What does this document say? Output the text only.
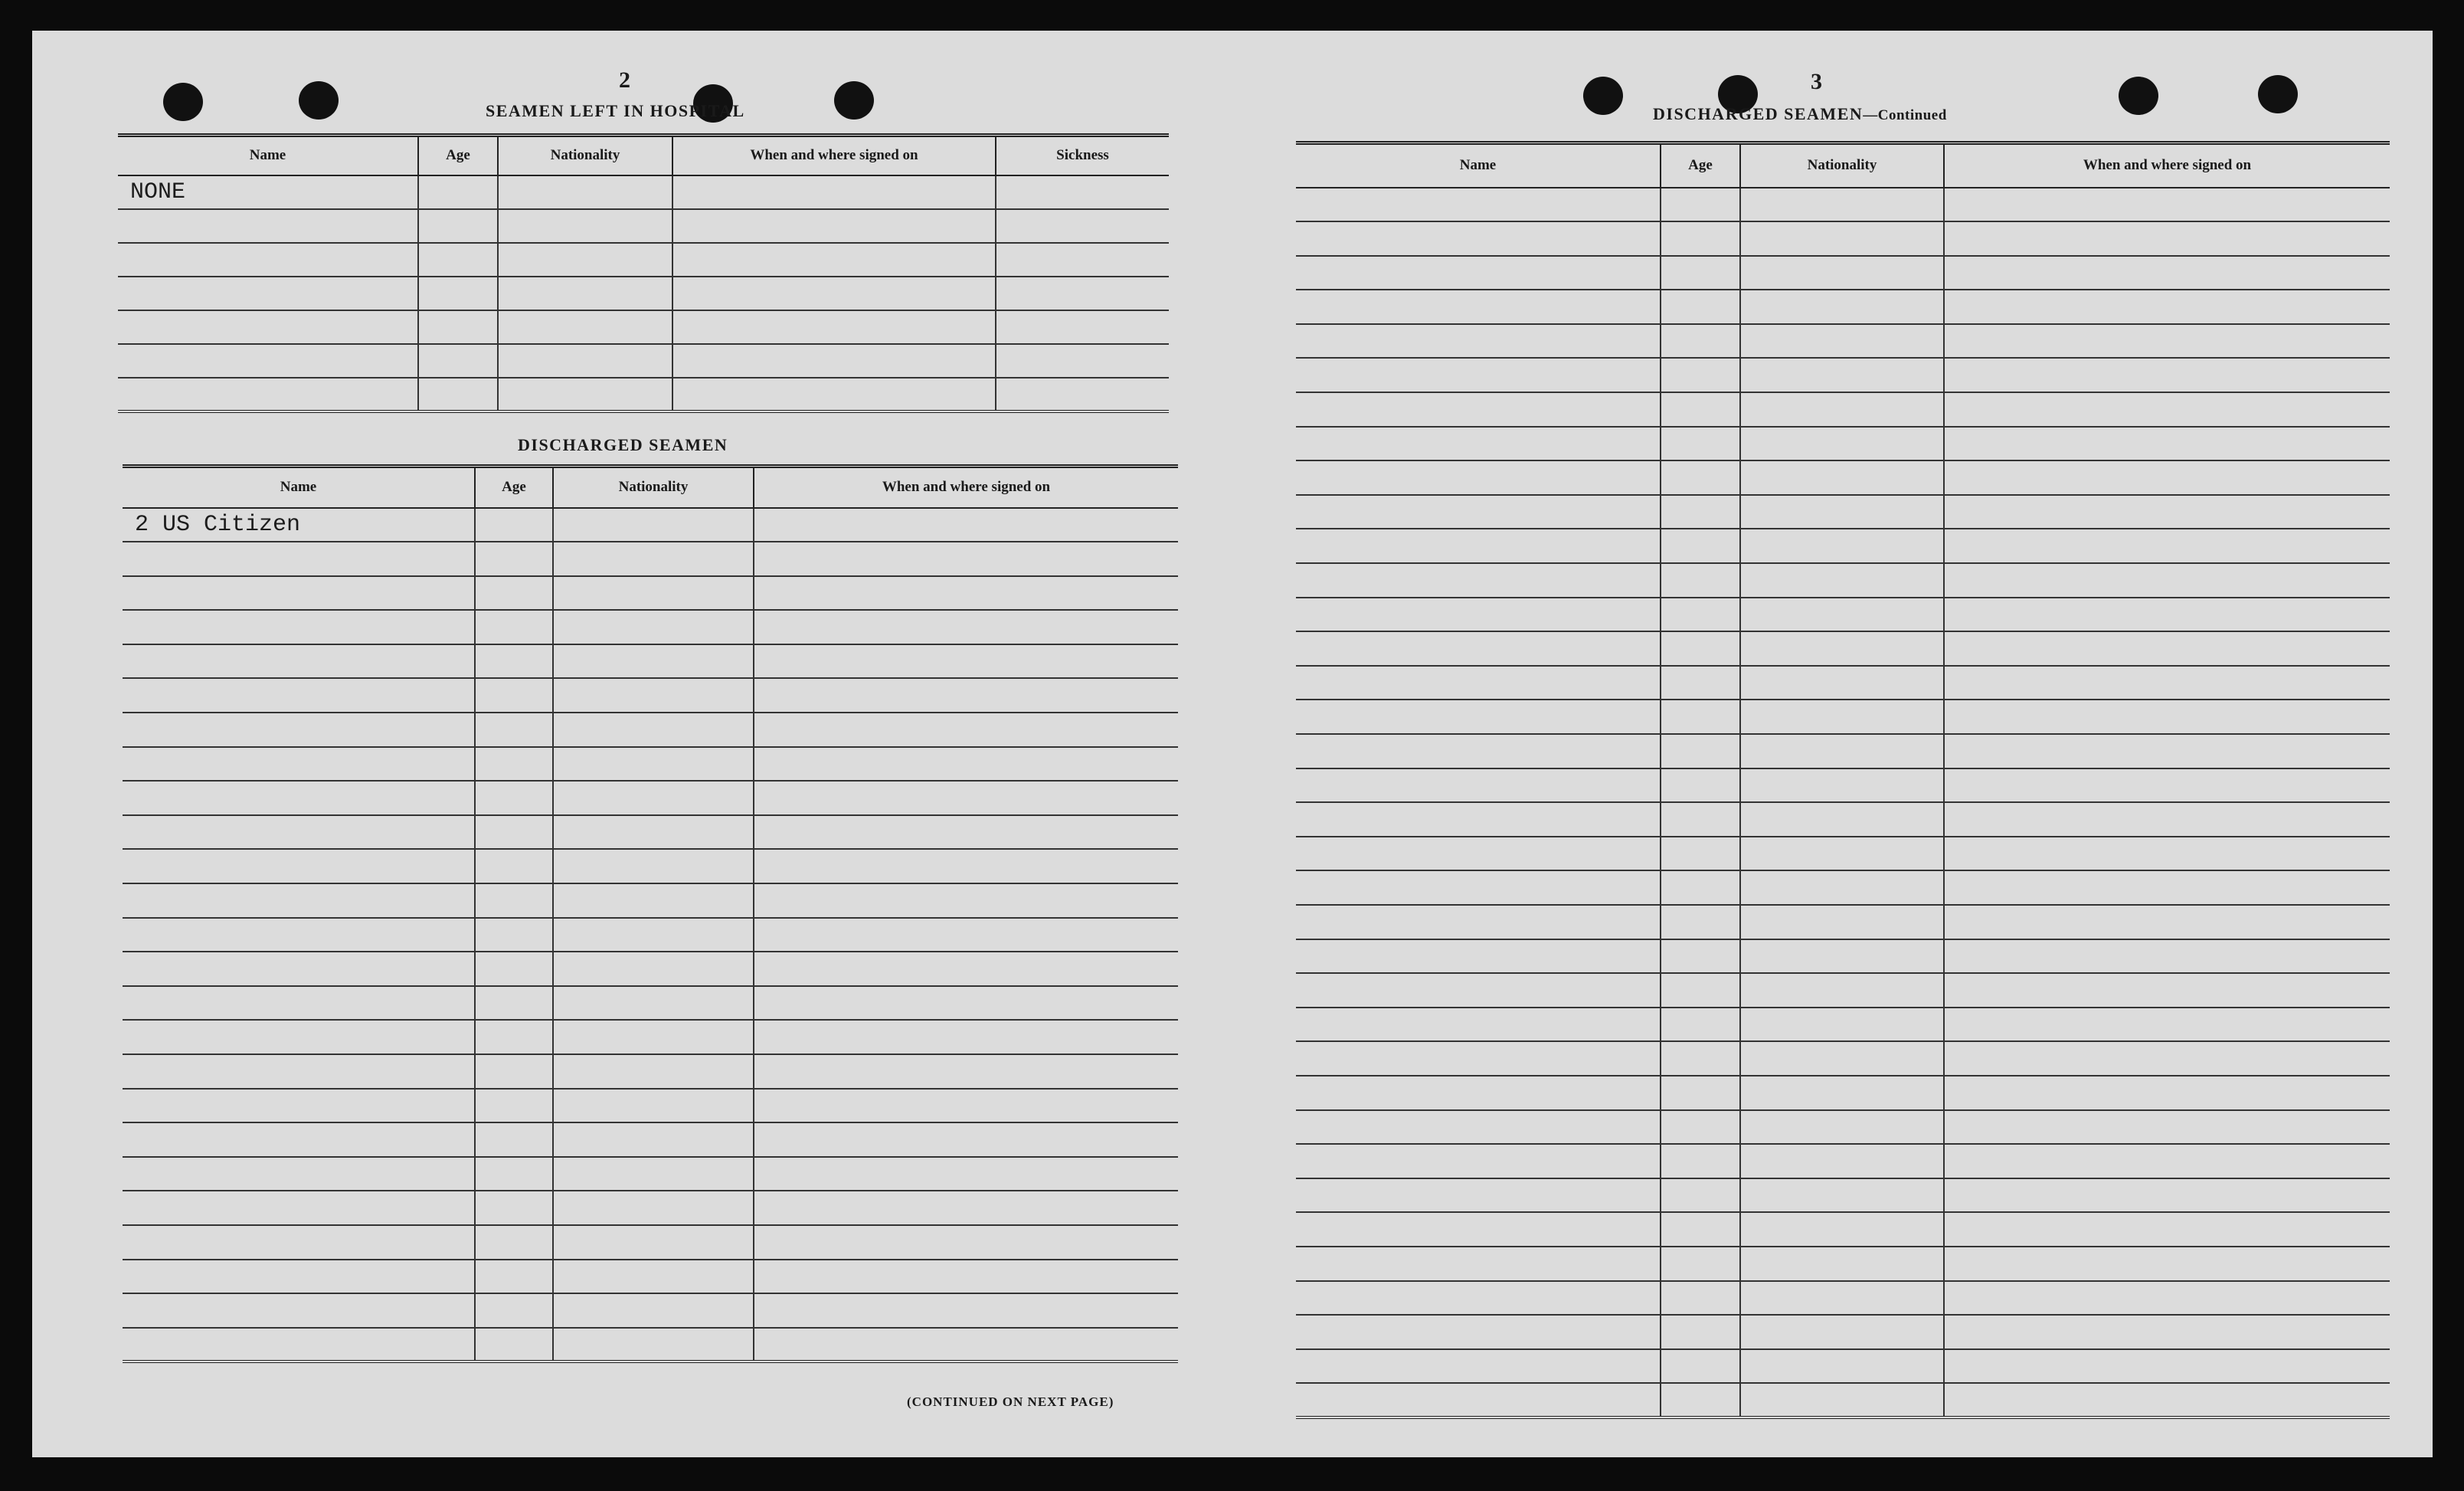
2
SEAMEN LEFT IN HOSPITAL
Name	Age	Nationality	When and where signed on	Sickness
NONE				

DISCHARGED SEAMEN
Name	Age	Nationality	When and where signed on
2 US Citizen			

(CONTINUED ON NEXT PAGE)
3
DISCHARGED SEAMEN—Continued
Name	Age	Nationality	When and where signed on
